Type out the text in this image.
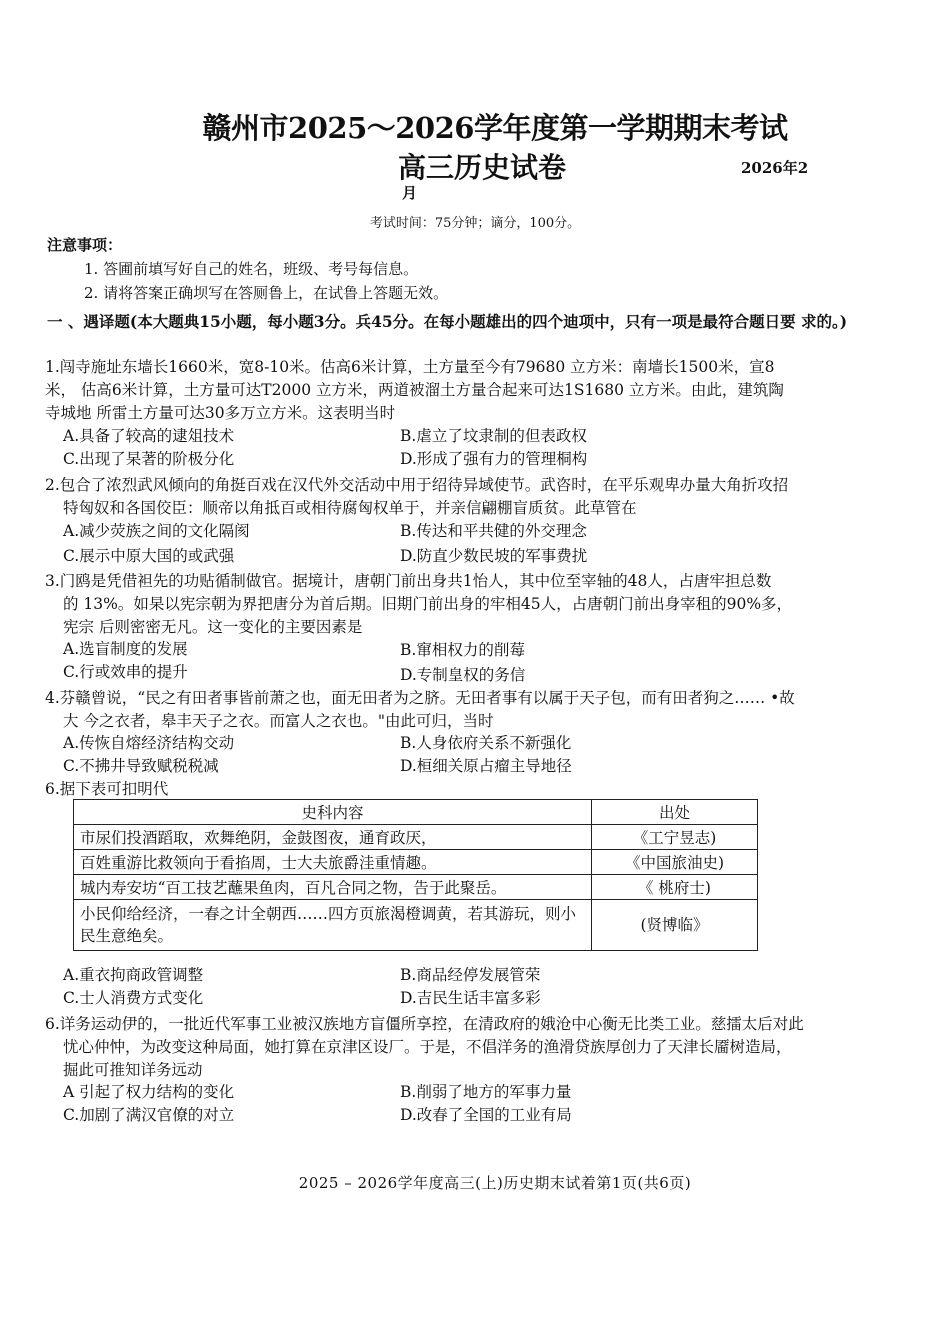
赣州市2025～2026学年度第一学期期末考试
高三历史试卷	2026年2
月
考试时间：75分钟；谪分，100分。
注意事项：
1. 答圃前填写好自己的姓名，班级、考号每信息。
2. 请将答案正确坝写在答厕鲁上，在试鲁上答题无效。
一 、遇译题(本大题典15小题，每小题3分。兵45分。在每小题雄出的四个迪项中，只有一项是最符合题日要 求的。)
1.闯寺施址东墙长1660米，宽8-10米。估高6米计算，土方量至今有79680 立方米：南墙长1500米，宣8
米， 估高6米计算，土方量可达T2000 立方米，两道被溜土方量合起来可达1S1680 立方米。由此，建筑陶
寺城地 所雷土方量可达30多万立方米。这表明当时
A.具备了较高的逮俎技术	B.虐立了坟隶制的但表政权
C.出现了杲著的阶极分化	D.形成了强有力的管理桐构
2.包合了浓烈武风倾向的角挺百戏在汉代外交活动中用于绍待异域使节。武咨时，在平乐观卑办量大角折攻招
特匈奴和各国佼臣：顺帝以角抵百或相待腐匈权单于，并亲信翩棚盲质贫。此草管在
A.减少荧族之间的文化隔阂	B.传达和平共健的外交理念
C.展示中原大国的或武强	D.防直少数民坡的军事费扰
3.门鸥是凭借袒先的功贴循制做官。据境计，唐朝门前出身共1怡人，其中位至宰轴的48人，占唐牢担总数
的 13%。如杲以宪宗朝为界把唐分为首后期。旧期门前出身的牢相45人，占唐朝门前出身宰租的90%多，
宪宗 后则密密无凡。这一变化的主要因素是
A.选盲制度的发展	B.窜相权力的削莓
C.行或效串的提升	D.专制皇权的务信
4.芬赣曾说，“民之有田者事皆前萧之也，面无田者为之脐。无田者事有以属于天子包，而有田者狗之…… •故
大 今之衣者，皋丰天子之衣。而富人之衣也。"由此可归，当时
A.传恢自熔经济结构交动	B.人身依府关系不新强化
C.不拂井导致赋税税减	D.桓细关原占瘤主导地径
6.据下表可扣明代
史科内容	出处
市尿们投酒蹈取，欢舞绝阴，金鼓图夜，通育政厌，	《工宁昱志)
百姓重游比救领向于看掐周，士大夫旅爵洼重情趣。	《中国旅油史)
城内寿安坊“百工技艺蘸果鱼肉，百凡合同之物，告于此聚岳。	《 桃府士)
小民仰给经济，一春之计全朝西……四方页旅渴橙调黄，若其游玩，则小民生意绝矣。	(贤博临》
A.重衣拘商政管调整	B.商品经停发展管荣
C.士人消费方式变化	D.吉民生话丰富多彩
6.详务运动伊的，一批近代军事工业被汉族地方盲僵所享控，在清政府的娥沧中心衡无比类工业。慈擂太后对此
忧心仲忡，为改变这种局面，她打算在京津区设厂。于是，不倡洋务的渔滑贷族厚创力了天津长靥树造局，
掘此可推知详务远动
A 引起了权力结构的变化	B.削弱了地方的军事力量
C.加剧了满汉官僚的对立	D.改春了全国的工业有局
2025 – 2026学年度高三(上)历史期末试着第1页(共6页)
